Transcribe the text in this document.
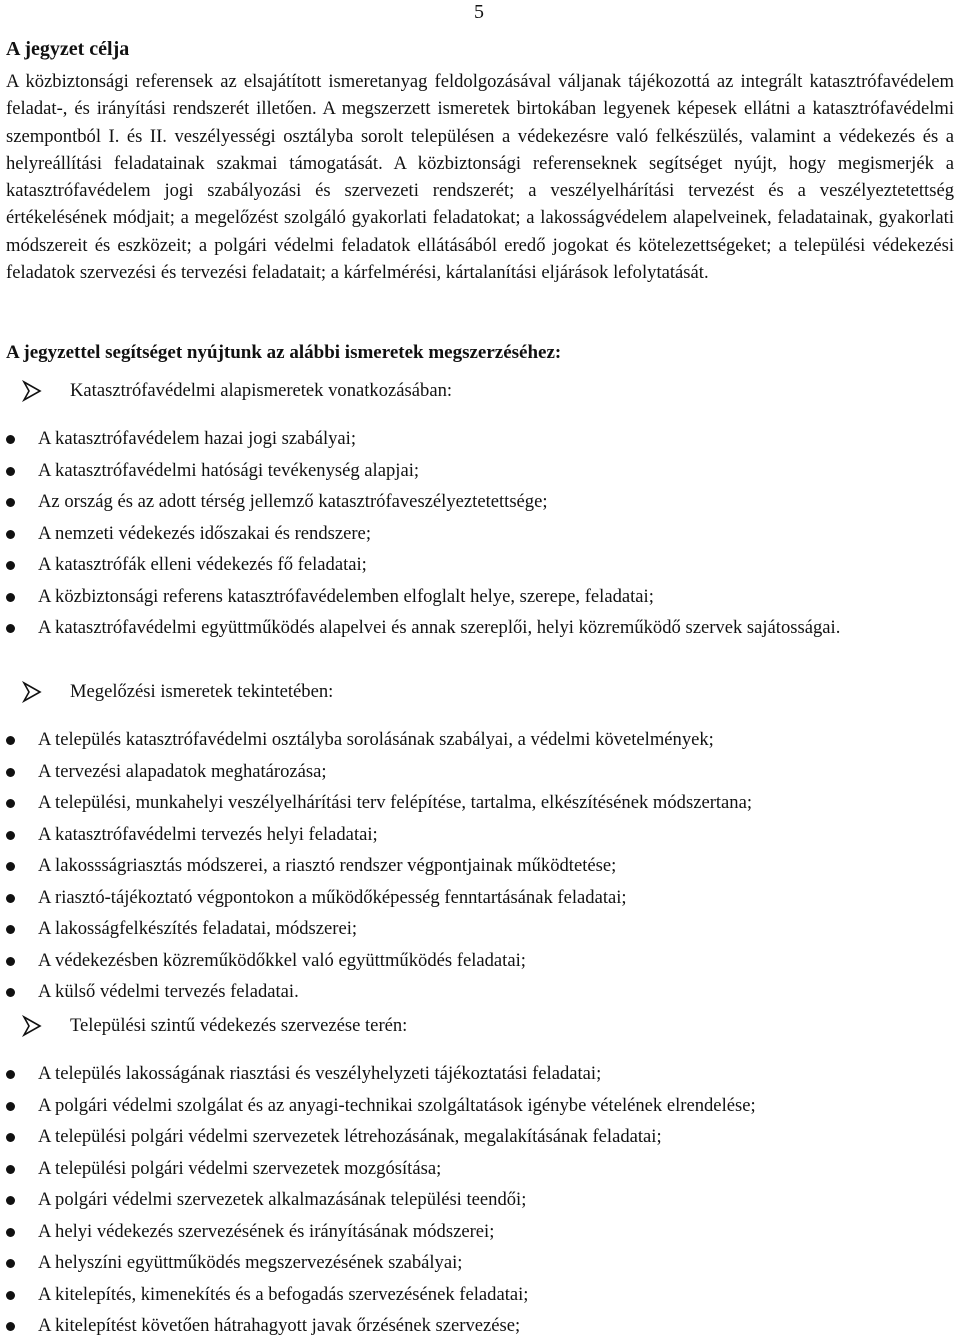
5
A jegyzet célja

A közbiztonsági referensek az elsajátított ismeretanyag feldolgozásával váljanak tájékozottá az integrált katasztrófavédelem feladat-, és irányítási rendszerét illetően. A megszerzett ismeretek birtokában legyenek képesek ellátni a katasztrófavédelmi szempontból I. és II. veszélyességi osztályba sorolt településen a védekezésre való felkészülés, valamint a védekezés és a helyreállítási feladatainak szakmai támogatását. A közbiztonsági referenseknek segítséget nyújt, hogy megismerjék a katasztrófavédelem jogi szabályozási és szervezeti rendszerét; a veszélyelhárítási tervezést és a veszélyeztetettség értékelésének módjait; a megelőzést szolgáló gyakorlati feladatokat; a lakosságvédelem alapelveinek, feladatainak, gyakorlati módszereit és eszközeit; a polgári védelmi feladatok ellátásából eredő jogokat és kötelezettségeket; a települési védekezési feladatok szervezési és tervezési feladatait; a kárfelmérési, kártalanítási eljárások lefolytatását.

A jegyzettel segítséget nyújtunk az alábbi ismeretek megszerzéséhez:
Katasztrófavédelmi alapismeretek vonatkozásában:
A katasztrófavédelem hazai jogi szabályai;
A katasztrófavédelmi hatósági tevékenység alapjai;
Az ország és az adott térség jellemző katasztrófaveszélyeztetettsége;
A nemzeti védekezés időszakai és rendszere;
A katasztrófák elleni védekezés fő feladatai;
A közbiztonsági referens katasztrófavédelemben elfoglalt helye, szerepe, feladatai;
A katasztrófavédelmi együttműködés alapelvei és annak szereplői, helyi közreműködő szervek sajátosságai.
Megelőzési ismeretek tekintetében:
A település katasztrófavédelmi osztályba sorolásának szabályai, a védelmi követelmények;
A tervezési alapadatok meghatározása;
A települési, munkahelyi veszélyelhárítási terv felépítése, tartalma, elkészítésének módszertana;
A katasztrófavédelmi tervezés helyi feladatai;
A lakossságriasztás módszerei, a riasztó rendszer végpontjainak működtetése;
A riasztó-tájékoztató végpontokon a működőképesség fenntartásának feladatai;
A lakosságfelkészítés feladatai, módszerei;
A védekezésben közreműködőkkel való együttműködés feladatai;
A külső védelmi tervezés feladatai.
Települési szintű védekezés szervezése terén:
A település lakosságának riasztási és veszélyhelyzeti tájékoztatási feladatai;
A polgári védelmi szolgálat és az anyagi-technikai szolgáltatások igénybe vételének elrendelése;
A települési polgári védelmi szervezetek létrehozásának, megalakításának feladatai;
A települési polgári védelmi szervezetek mozgósítása;
A polgári védelmi szervezetek alkalmazásának települési teendői;
A helyi védekezés szervezésének és irányításának módszerei;
A helyszíni együttműködés megszervezésének szabályai;
A kitelepítés, kimenekítés és a befogadás szervezésének feladatai;
A kitelepítést követően hátrahagyott javak őrzésének szervezése;
